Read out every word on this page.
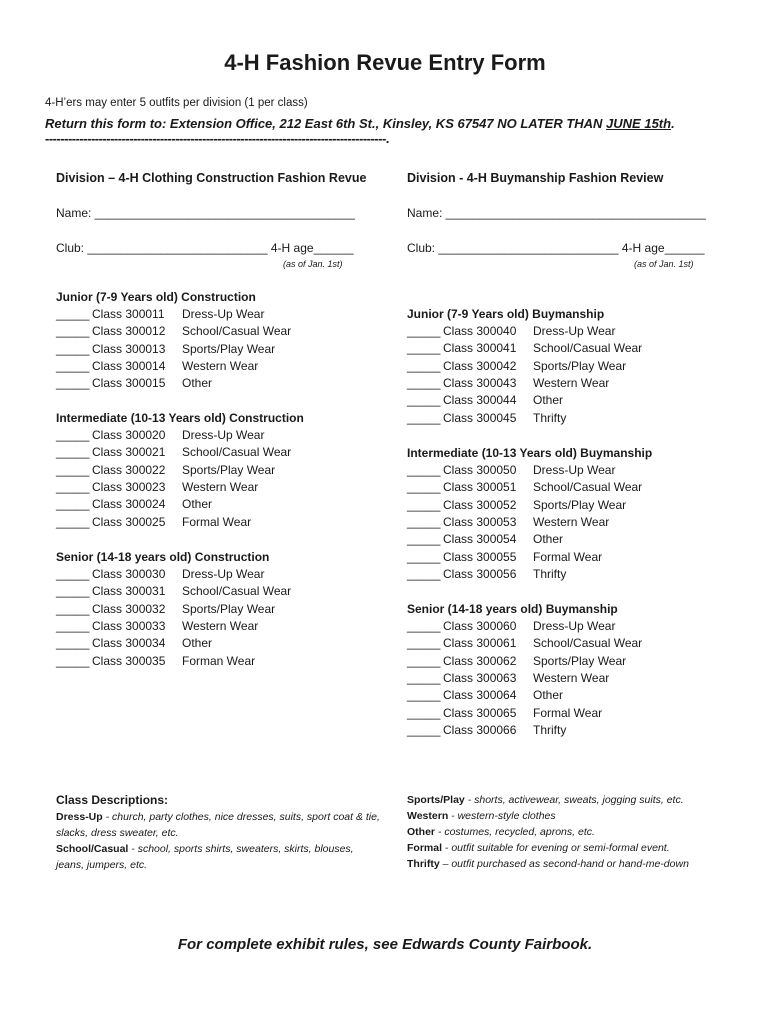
4-H Fashion Revue Entry Form
4-H’ers may enter 5 outfits per division (1 per class)
Return this form to: Extension Office, 212 East 6th St., Kinsley, KS 67547 NO LATER THAN JUNE 15th.
-----------------------------------------------------------------------------------------.
Division – 4-H Clothing Construction Fashion Revue
Name: _______________________________________
Club: ___________________________ 4-H age______
(as of Jan. 1st)
Junior (7-9 Years old) Construction
_____ Class 300011 Dress-Up Wear
_____ Class 300012 School/Casual Wear
_____ Class 300013 Sports/Play Wear
_____ Class 300014 Western Wear
_____ Class 300015 Other
Intermediate (10-13 Years old) Construction
_____ Class 300020 Dress-Up Wear
_____ Class 300021 School/Casual Wear
_____ Class 300022 Sports/Play Wear
_____ Class 300023 Western Wear
_____ Class 300024 Other
_____ Class 300025 Formal Wear
Senior (14-18 years old) Construction
_____ Class 300030 Dress-Up Wear
_____ Class 300031 School/Casual Wear
_____ Class 300032 Sports/Play Wear
_____ Class 300033 Western Wear
_____ Class 300034 Other
_____ Class 300035 Forman Wear
Class Descriptions:
Dress-Up - church, party clothes, nice dresses, suits, sport coat & tie, slacks, dress sweater, etc.
School/Casual - school, sports shirts, sweaters, skirts, blouses, jeans, jumpers, etc.
Division - 4-H Buymanship Fashion Review
Name: _______________________________________
Club: ___________________________ 4-H age______
(as of Jan. 1st)
Junior (7-9 Years old) Buymanship
_____ Class 300040 Dress-Up Wear
_____ Class 300041 School/Casual Wear
_____ Class 300042 Sports/Play Wear
_____ Class 300043 Western Wear
_____ Class 300044 Other
_____ Class 300045 Thrifty
Intermediate (10-13 Years old) Buymanship
_____ Class 300050 Dress-Up Wear
_____ Class 300051 School/Casual Wear
_____ Class 300052 Sports/Play Wear
_____ Class 300053 Western Wear
_____ Class 300054 Other
_____ Class 300055 Formal Wear
_____ Class 300056 Thrifty
Senior (14-18 years old) Buymanship
_____ Class 300060 Dress-Up Wear
_____ Class 300061 School/Casual Wear
_____ Class 300062 Sports/Play Wear
_____ Class 300063 Western Wear
_____ Class 300064 Other
_____ Class 300065 Formal Wear
_____ Class 300066 Thrifty
Sports/Play - shorts, activewear, sweats, jogging suits, etc.
Western - western-style clothes
Other - costumes, recycled, aprons, etc.
Formal - outfit suitable for evening or semi-formal event.
Thrifty – outfit purchased as second-hand or hand-me-down
For complete exhibit rules, see Edwards County Fairbook.
